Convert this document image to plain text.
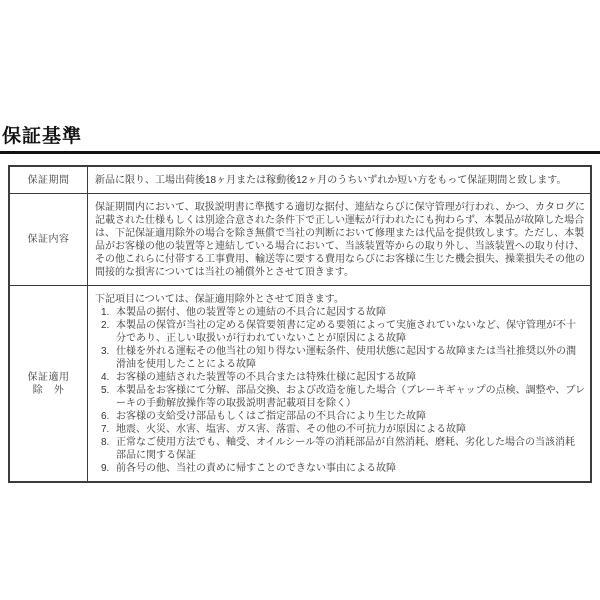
保証基準
保証期間	新品に限り、工場出荷後18ヶ月または稼動後12ヶ月のうちいずれか短い方をもって保証期間と致します。

保証内容

保証期間内において、取扱説明書に準拠する適切な据付、連結ならびに保守管理が行われ、かつ、カタログに記載された仕様もしくは別途合意された条件下で正しい運転が行われたにも拘わらず、本製品が故障した場合は、下記保証適用除外の場合を除き無償で当社の判断において修理または代品を提供致します。ただし、本製品がお客様の他の装置等と連結している場合において、当該装置等からの取り外し、当該装置への取り付け、その他これらに付帯する工事費用、輸送等に要する費用ならびにお客様に生じた機会損失、操業損失その他の間接的な損害については当社の補償外とさせて頂きます。

保証適用
除　外

下記項目については、保証適用除外とさせて頂きます。

1. 本製品の据付、他の装置等との連結の不具合に起因する故障
2. 本製品の保管が当社の定める保管要領書に定める要領によって実施されていないなど、保守管理が不十分であり、正しい取扱いが行われていないことが原因による故障
3. 仕様を外れる運転その他当社の知り得ない運転条件、使用状態に起因する故障または当社推奨以外の潤滑油を使用したことによる故障
4. お客様の連結された装置等の不具合または特殊仕様に起因する故障
5. 本製品をお客様にて分解、部品交換、および改造を施した場合（ブレーキギャップの点検、調整や、ブレーキの手動解放操作等の取扱説明書記載項目を除く）
6. お客様の支給受け部品もしくはご指定部品の不具合により生じた故障
7. 地震、火災、水害、塩害、ガス害、落雷、その他の不可抗力が原因による故障
8. 正常なご使用方法でも、軸受、オイルシール等の消耗部品が自然消耗、磨耗、劣化した場合の当該消耗部品に関する保証
9. 前各号の他、当社の責めに帰すことのできない事由による故障
